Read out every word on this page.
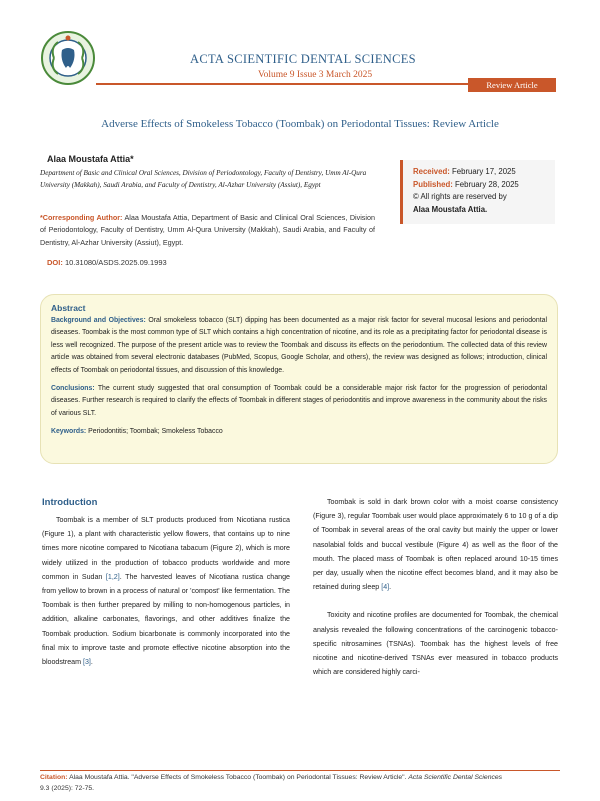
ACTA SCIENTIFIC DENTAL SCIENCES
Volume 9 Issue 3 March 2025
Review Article
Adverse Effects of Smokeless Tobacco (Toombak) on Periodontal Tissues: Review Article
Alaa Moustafa Attia*
Department of Basic and Clinical Oral Sciences, Division of Periodontology, Faculty of Dentistry, Umm Al-Qura University (Makkah), Saudi Arabia, and Faculty of Dentistry, Al-Azhar University (Assiut), Egypt
*Corresponding Author: Alaa Moustafa Attia, Department of Basic and Clinical Oral Sciences, Division of Periodontology, Faculty of Dentistry, Umm Al-Qura University (Makkah), Saudi Arabia, and Faculty of Dentistry, Al-Azhar University (Assiut), Egypt.
DOI: 10.31080/ASDS.2025.09.1993
Received: February 17, 2025
Published: February 28, 2025
© All rights are reserved by
Alaa Moustafa Attia.
Abstract

Background and Objectives: Oral smokeless tobacco (SLT) dipping has been documented as a major risk factor for several mucosal lesions and periodontal diseases. Toombak is the most common type of SLT which contains a high concentration of nicotine, and its role as a precipitating factor for periodontal disease is less well recognized. The purpose of the present article was to review the Toombak and discuss its effects on the periodontium. The collected data of this review article was obtained from several electronic databases (PubMed, Scopus, Google Scholar, and others), the review was designed as follows; introduction, clinical effects of Toombak on periodontal tissues, and discussion of this knowledge.

Conclusions: The current study suggested that oral consumption of Toombak could be a considerable major risk factor for the progression of periodontal diseases. Further research is required to clarify the effects of Toombak in different stages of periodontitis and improve awareness in the community about the risks of various SLT.

Keywords: Periodontitis; Toombak; Smokeless Tobacco
Introduction

Toombak is a member of SLT products produced from Nicotiana rustica (Figure 1), a plant with characteristic yellow flowers, that contains up to nine times more nicotine compared to Nicotiana tabacum (Figure 2), which is more widely utilized in the production of tobacco products worldwide and more common in Sudan [1,2]. The harvested leaves of Nicotiana rustica change from yellow to brown in a process of natural or 'compost' like fermentation. The Toombak is then further prepared by milling to non-homogenous particles, in addition, alkaline carbonates, flavorings, and other additives finalize the Toombak production. Sodium bicarbonate is commonly incorporated into the final mix to improve taste and promote effective nicotine absorption into the bloodstream [3].

Toombak is sold in dark brown color with a moist coarse consistency (Figure 3), regular Toombak user would place approximately 6 to 10 g of a dip of Toombak in several areas of the oral cavity but mainly the upper or lower nasolabial folds and buccal vestibule (Figure 4) as well as the floor of the mouth. The placed mass of Toombak is often replaced around 10-15 times per day, usually when the nicotine effect becomes bland, and it may also be retained during sleep [4].

Toxicity and nicotine profiles are documented for Toombak, the chemical analysis revealed the following concentrations of the carcinogenic tobacco-specific nitrosamines (TSNAs). Toombak has the highest levels of free nicotine and nicotine-derived TSNAs ever measured in tobacco products which are considered highly carci-

Citation: Alaa Moustafa Attia. "Adverse Effects of Smokeless Tobacco (Toombak) on Periodontal Tissues: Review Article". Acta Scientific Dental Sciences
9.3 (2025): 72-75.
